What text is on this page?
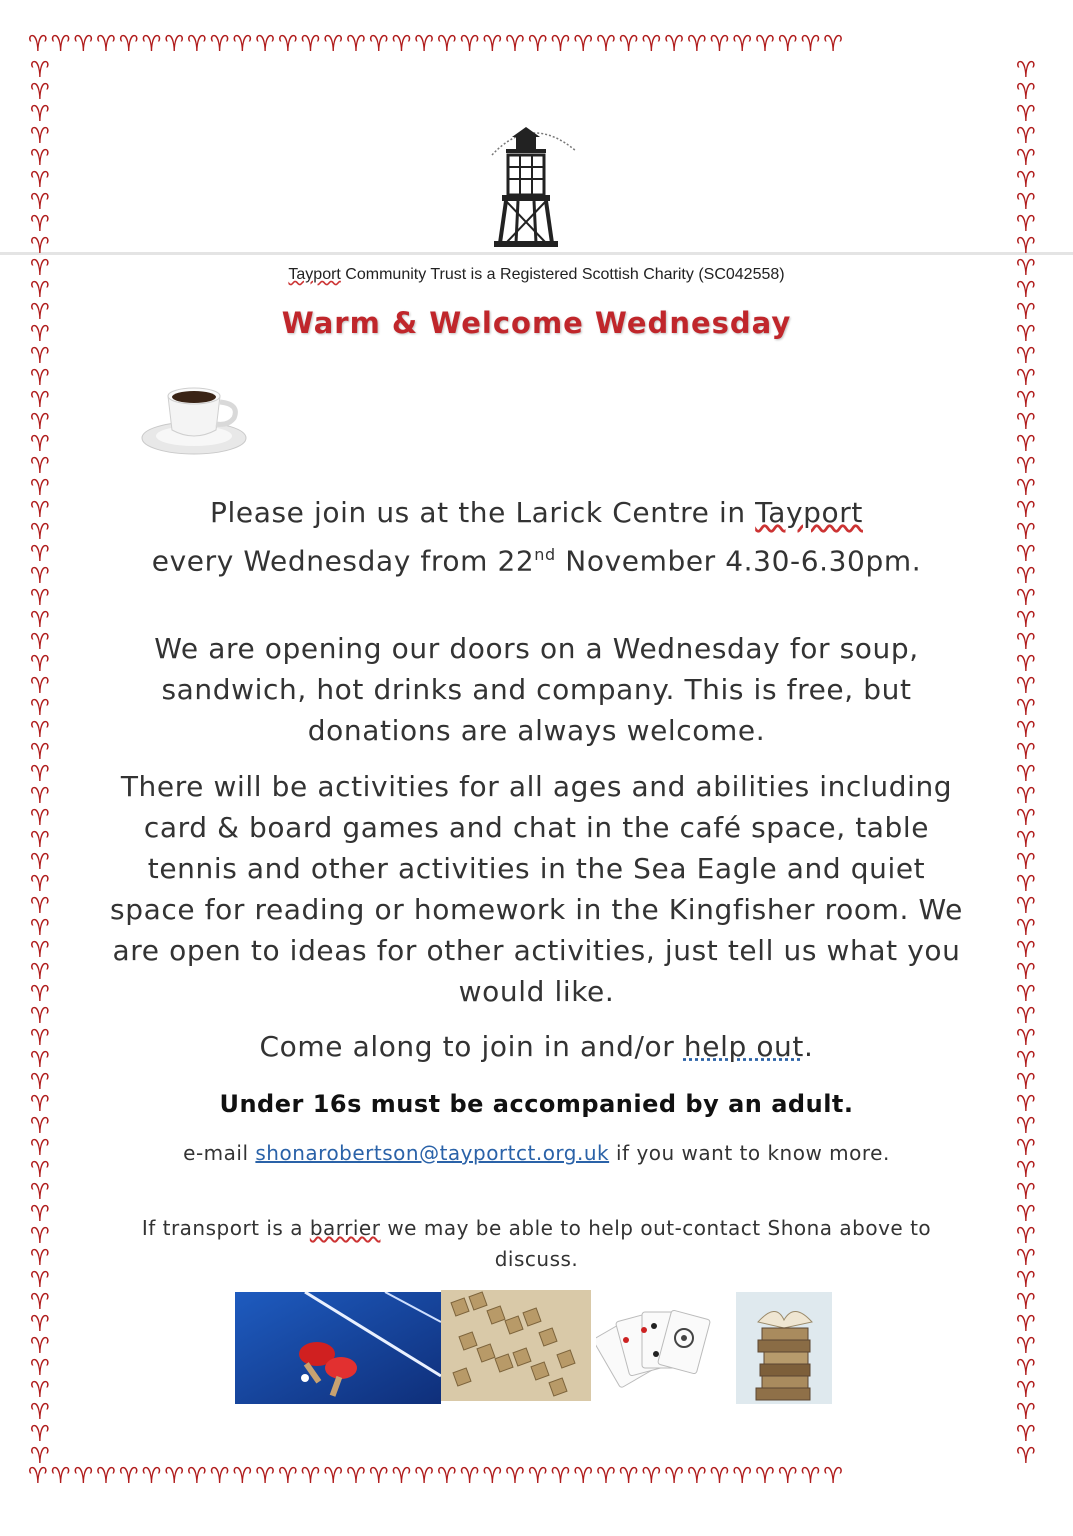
♈♈♈♈♈♈♈♈♈♈♈♈♈♈♈♈♈♈♈♈♈♈♈♈♈♈♈♈♈♈♈♈♈♈♈♈
♈♈♈♈♈♈♈♈♈♈♈♈♈♈♈♈♈♈♈♈♈♈♈♈♈♈♈♈♈♈♈♈♈♈♈♈
♈♈♈♈♈♈♈♈♈♈♈♈♈♈♈♈♈♈♈♈♈♈♈♈♈♈♈♈♈♈♈♈♈♈♈♈♈♈♈♈♈♈♈♈♈♈♈♈♈♈♈♈♈♈♈♈♈♈♈♈♈♈♈♈
♈♈♈♈♈♈♈♈♈♈♈♈♈♈♈♈♈♈♈♈♈♈♈♈♈♈♈♈♈♈♈♈♈♈♈♈♈♈♈♈♈♈♈♈♈♈♈♈♈♈♈♈♈♈♈♈♈♈♈♈♈♈♈♈
Tayport Community Trust is a Registered Scottish Charity (SC042558)
Warm & Welcome Wednesday
Please join us at the Larick Centre in Tayport
every Wednesday from 22nd November 4.30-6.30pm.
We are opening our doors on a Wednesday for soup, sandwich, hot drinks and company. This is free, but donations are always welcome.
There will be activities for all ages and abilities including card & board games and chat in the café space, table tennis and other activities in the Sea Eagle and quiet space for reading or homework in the Kingfisher room. We are open to ideas for other activities, just tell us what you would like.
Come along to join in and/or help out.
Under 16s must be accompanied by an adult.
e-mail shonarobertson@tayportct.org.uk if you want to know more.
If transport is a barrier we may be able to help out-contact Shona above to discuss.
